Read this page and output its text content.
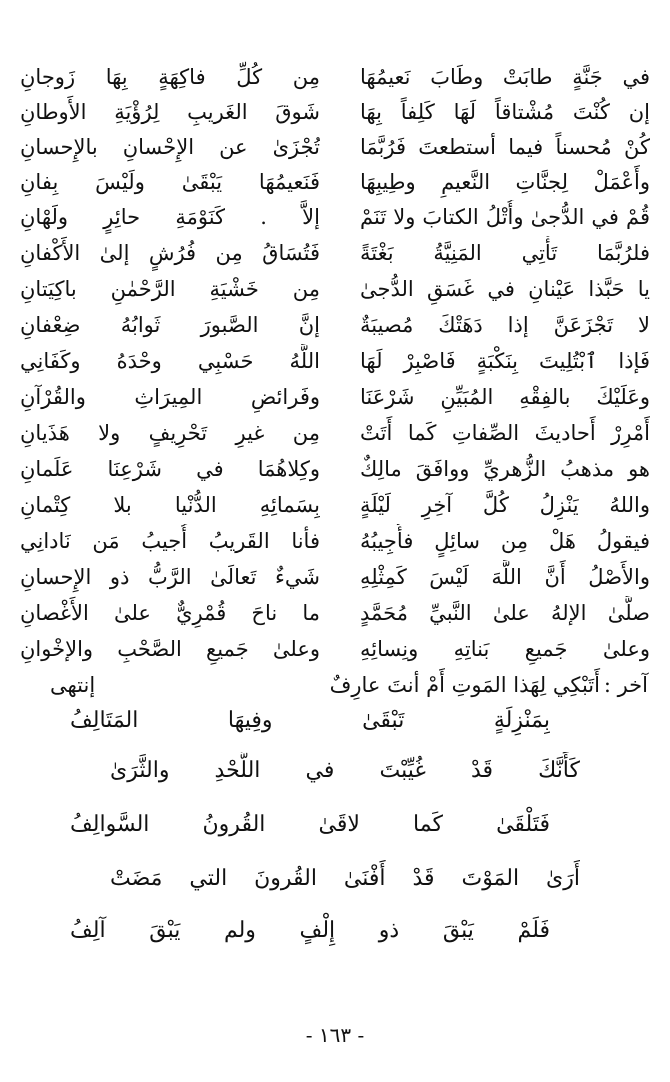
في جَنَّةٍ طابَتْ وطَابَ نَعيمُهَا
مِن كُلِّ فاكِهَةٍ بِهَا زَوجانِ
إن كُنْتَ مُشْتاقاً لَهَا كَلِفاً بِهَا
شَوقَ الغَريبِ لِرُؤْيَةِ الأَوطانِ
كُنْ مُحسناً فيما أستطعتَ فَرُبَّمَا
تُجْزَىٰ عن الإِحْسانِ بالإِحسانِ
وأَعْمَلْ لِجنَّاتِ النَّعيمِ وطِيبِهَا
فَنَعيمُهَا يَبْقَىٰ ولَيْسَ بِفانِ
قُمْ في الدُّجىٰ وأُتْلُ الكتابَ ولا تَنَمْ
إلاَّ . كَنَوْمَةِ حائِرٍ ولَهْانِ
فلرُبَّمَا تَأْتِي المَنِيَّةُ بَغْتَةً
فَتُسَاقُ مِن فُرُشٍ إلىٰ الأَكْفانِ
يا حَبَّذا عَيْنانِ في غَسَقِ الدُّجىٰ
مِن خَشْيَةِ الرَّحْمٰنِ باكِيَتانِ
لا تَجْزَعَنَّ إذا دَهَتْكَ مُصيبَةٌ
إنَّ الصَّبورَ ثَوابُهُ ضِعْفانِ
فَإذا ٱبْتُلِيتَ بِنَكْبَةٍ فَاصْبِرْ لَهَا
اللَّهُ حَسْبِي وحْدَهُ وكَفَانِي
وعَلَيْكَ بالفِقْهِ المُبَيِّنِ شَرْعَنَا
وفَرائضِ المِيرَاثِ والقُرْآنِ
أَمْرِرْ أَحاديثَ الصِّفاتِ كَما أَتَتْ
مِن غيرِ تَحْرِيفٍ ولا هَذَيانِ
هو مذهبُ الزُّهريِّ ووافَقَ مالِكٌ
وكِلاهُمَا في شَرْعِنَا عَلَمانِ
واللهُ يَنْزِلُ كُلَّ آخِرِ لَيْلَةٍ
بِسَمائِهِ الدُّنْيا بلا كِتْمانِ
فيقولُ هَلْ مِن سائِلٍ فأُجِيبُهُ
فأنا القَريبُ أُجيبُ مَن نَادانِي
والأَصْلُ أَنَّ اللَّهَ لَيْسَ كَمِثْلِهِ
شَيءٌ تَعالَىٰ الرَّبُّ ذو الإِحسانِ
صلَّىٰ الإلهُ علىٰ النَّبيِّ مُحَمَّدٍ
ما ناحَ قُمْرِيٌّ علىٰ الأَغْصانِ
وعلىٰ جَميعِ بَناتِهِ ونِسائِهِ
وعلىٰ جَميعِ الصَّحْبِ والإخْوانِ
آخر :
أَتَبْكِي لِهَذا المَوتِ أَمْ أنتَ عارِفٌ
إنتهى
بِمَنْزِلَةٍ تَبْقَىٰ وفِيهَا المَتَالِفُ
كَأَنَّكَ قَدْ غُيِّبْتَ في اللَّحْدِ والثَّرَىٰ
فَتَلْقَىٰ كَما لاقَىٰ القُرونُ السَّوالِفُ
أَرَىٰ المَوْتَ قَدْ أَفْنَىٰ القُرونَ التي مَضَتْ
فَلَمْ يَبْقَ ذو إِلْفٍ ولم يَبْقَ آلِفُ
- ١٦٣ -
